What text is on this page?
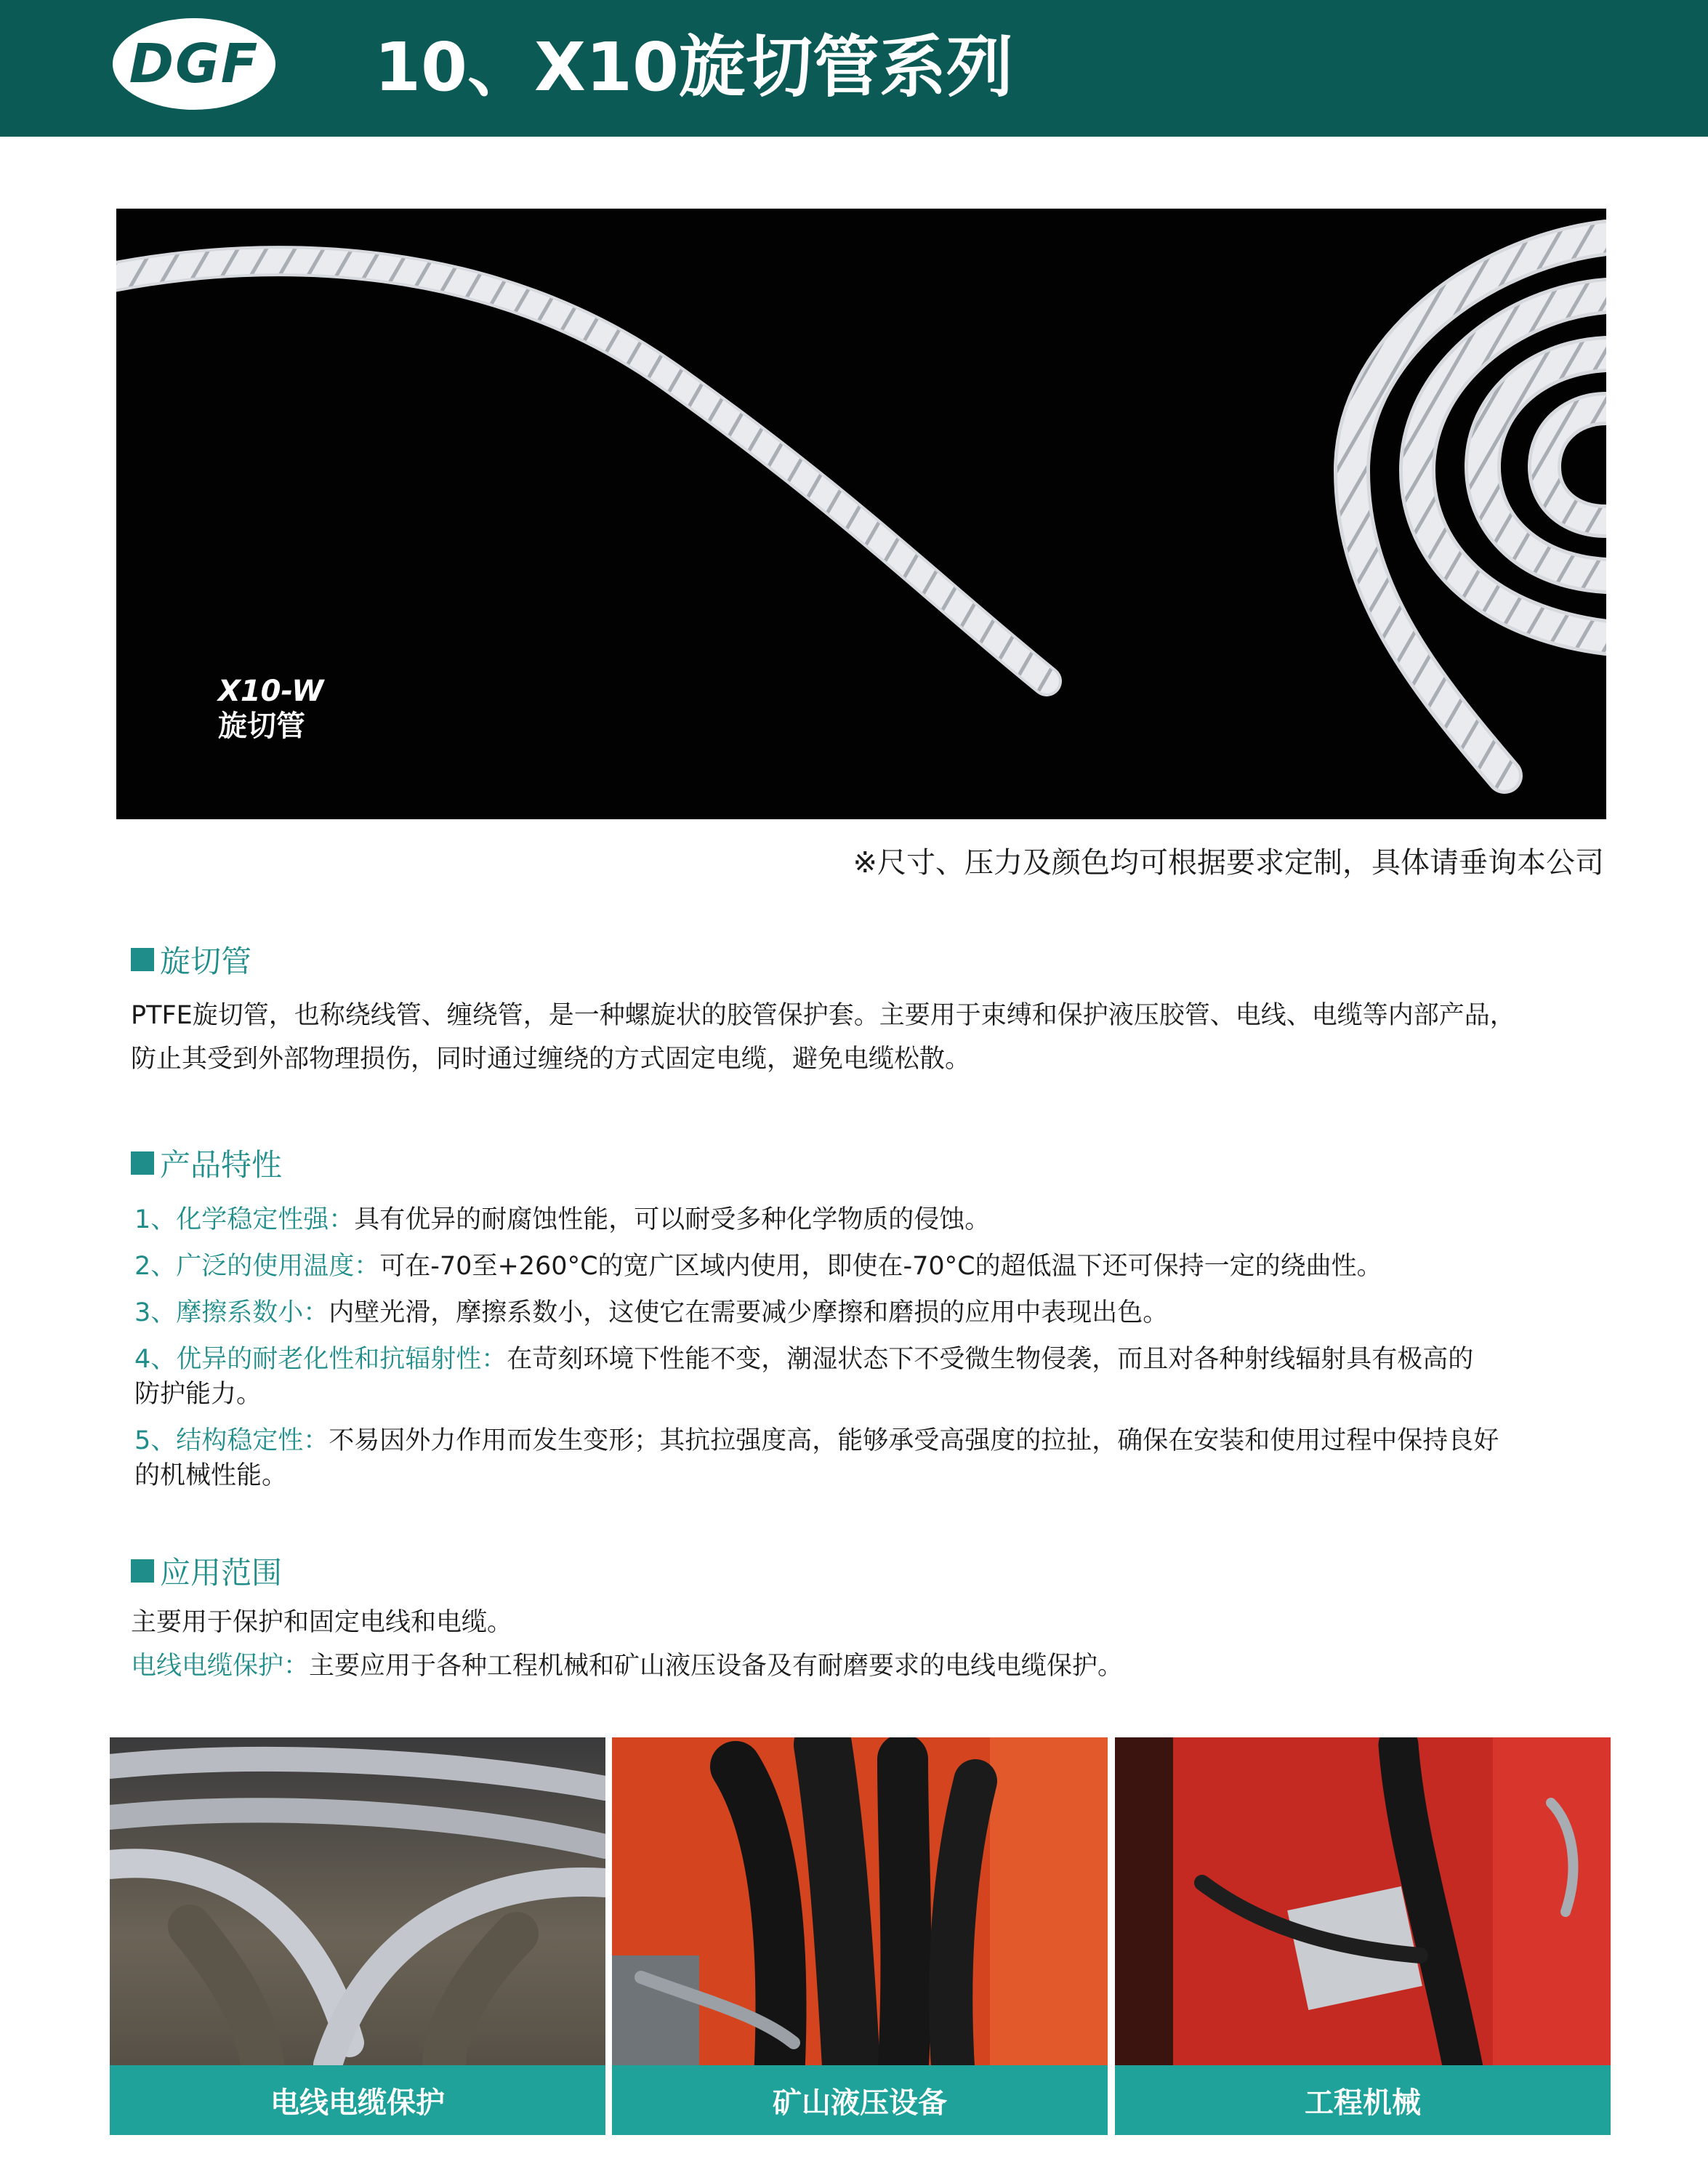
DGF 10、X10旋切管系列
X10-W
旋切管
※尺寸、压力及颜色均可根据要求定制，具体请垂询本公司
旋切管
PTFE旋切管，也称绕线管、缠绕管，是一种螺旋状的胶管保护套。主要用于束缚和保护液压胶管、电线、电缆等内部产品，
防止其受到外部物理损伤，同时通过缠绕的方式固定电缆，避免电缆松散。
产品特性
1、化学稳定性强：具有优异的耐腐蚀性能，可以耐受多种化学物质的侵蚀。
2、广泛的使用温度：可在-70至+260°C的宽广区域内使用，即使在-70°C的超低温下还可保持一定的绕曲性。
3、摩擦系数小：内壁光滑，摩擦系数小，这使它在需要减少摩擦和磨损的应用中表现出色。
4、优异的耐老化性和抗辐射性：在苛刻环境下性能不变，潮湿状态下不受微生物侵袭，而且对各种射线辐射具有极高的
防护能力。
5、结构稳定性：不易因外力作用而发生变形；其抗拉强度高，能够承受高强度的拉扯，确保在安装和使用过程中保持良好
的机械性能。
应用范围
主要用于保护和固定电线和电缆。
电线电缆保护：主要应用于各种工程机械和矿山液压设备及有耐磨要求的电线电缆保护。
电线电缆保护	矿山液压设备	工程机械
